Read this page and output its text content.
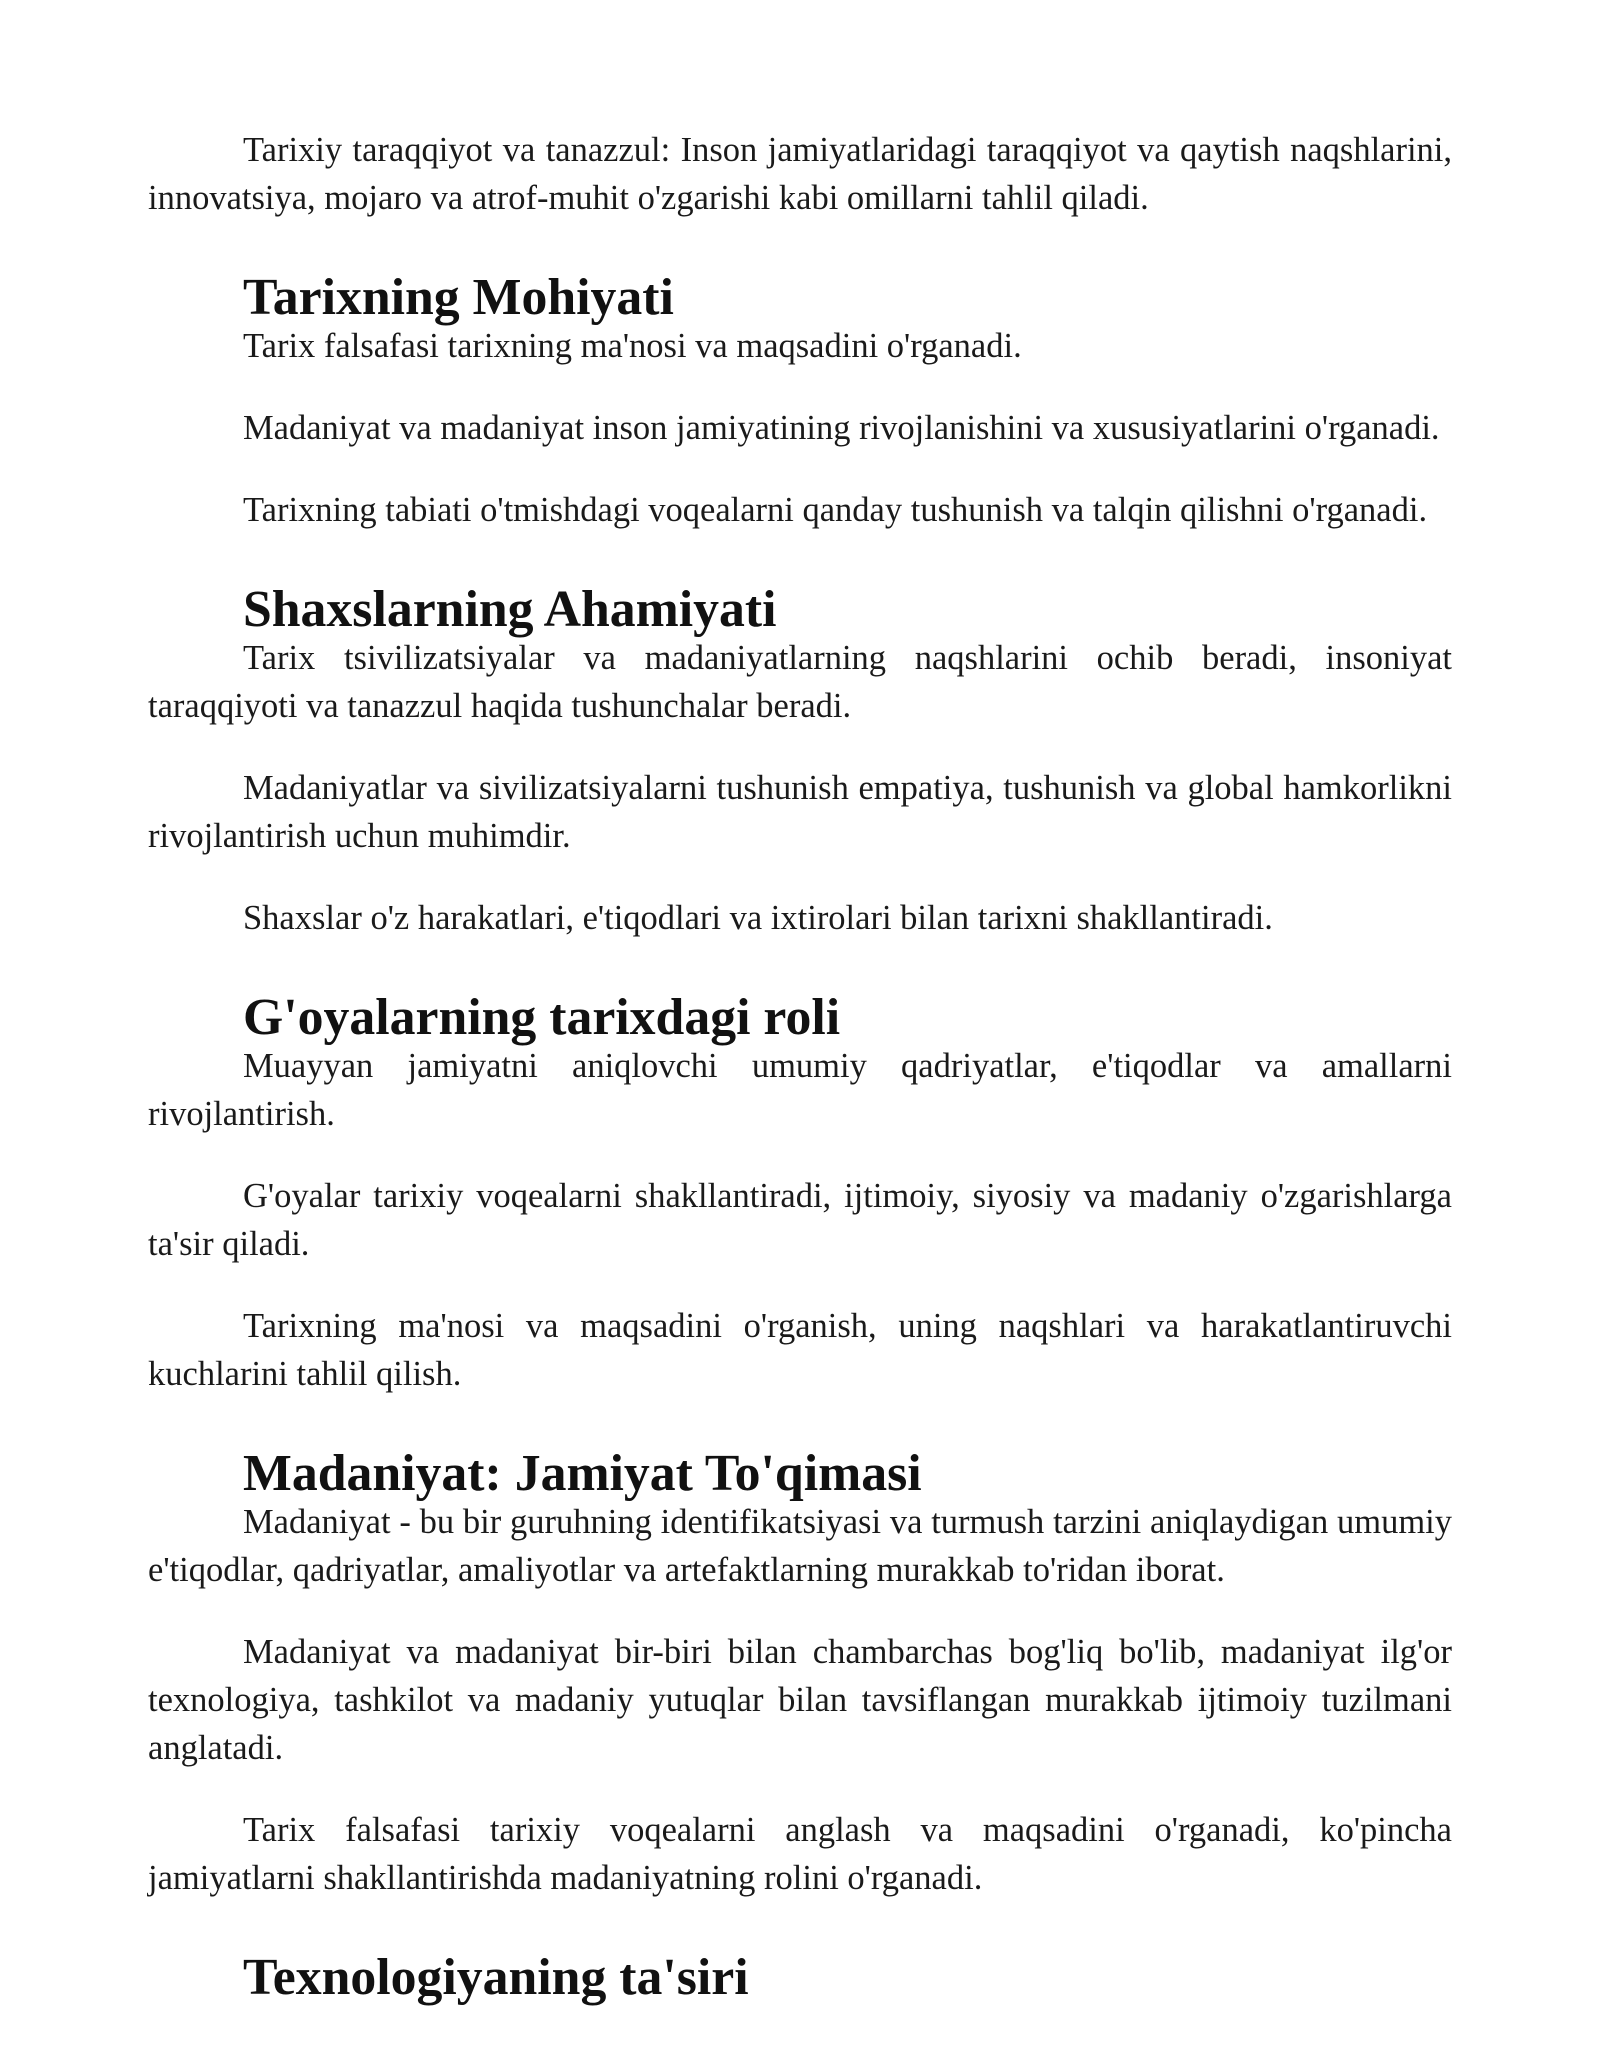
Tarixiy taraqqiyot va tanazzul: Inson jamiyatlaridagi taraqqiyot va qaytish naqshlarini, innovatsiya, mojaro va atrof-muhit o'zgarishi kabi omillarni tahlil qiladi.

Tarixning Mohiyati

Tarix falsafasi tarixning ma'nosi va maqsadini o'rganadi.

Madaniyat va madaniyat inson jamiyatining rivojlanishini va xususiyatlarini o'rganadi.

Tarixning tabiati o'tmishdagi voqealarni qanday tushunish va talqin qilishni o'rganadi.

Shaxslarning Ahamiyati

Tarix tsivilizatsiyalar va madaniyatlarning naqshlarini ochib beradi, insoniyat taraqqiyoti va tanazzul haqida tushunchalar beradi.

Madaniyatlar va sivilizatsiyalarni tushunish empatiya, tushunish va global hamkorlikni rivojlantirish uchun muhimdir.

Shaxslar o'z harakatlari, e'tiqodlari va ixtirolari bilan tarixni shakllantiradi.

G'oyalarning tarixdagi roli

Muayyan jamiyatni aniqlovchi umumiy qadriyatlar, e'tiqodlar va amallarni rivojlantirish.

G'oyalar tarixiy voqealarni shakllantiradi, ijtimoiy, siyosiy va madaniy o'zgarishlarga ta'sir qiladi.

Tarixning ma'nosi va maqsadini o'rganish, uning naqshlari va harakatlantiruvchi kuchlarini tahlil qilish.

Madaniyat: Jamiyat To'qimasi

Madaniyat - bu bir guruhning identifikatsiyasi va turmush tarzini aniqlaydigan umumiy e'tiqodlar, qadriyatlar, amaliyotlar va artefaktlarning murakkab to'ridan iborat.

Madaniyat va madaniyat bir-biri bilan chambarchas bog'liq bo'lib, madaniyat ilg'or texnologiya, tashkilot va madaniy yutuqlar bilan tavsiflangan murakkab ijtimoiy tuzilmani anglatadi.

Tarix falsafasi tarixiy voqealarni anglash va maqsadini o'rganadi, ko'pincha jamiyatlarni shakllantirishda madaniyatning rolini o'rganadi.

Texnologiyaning ta'siri
